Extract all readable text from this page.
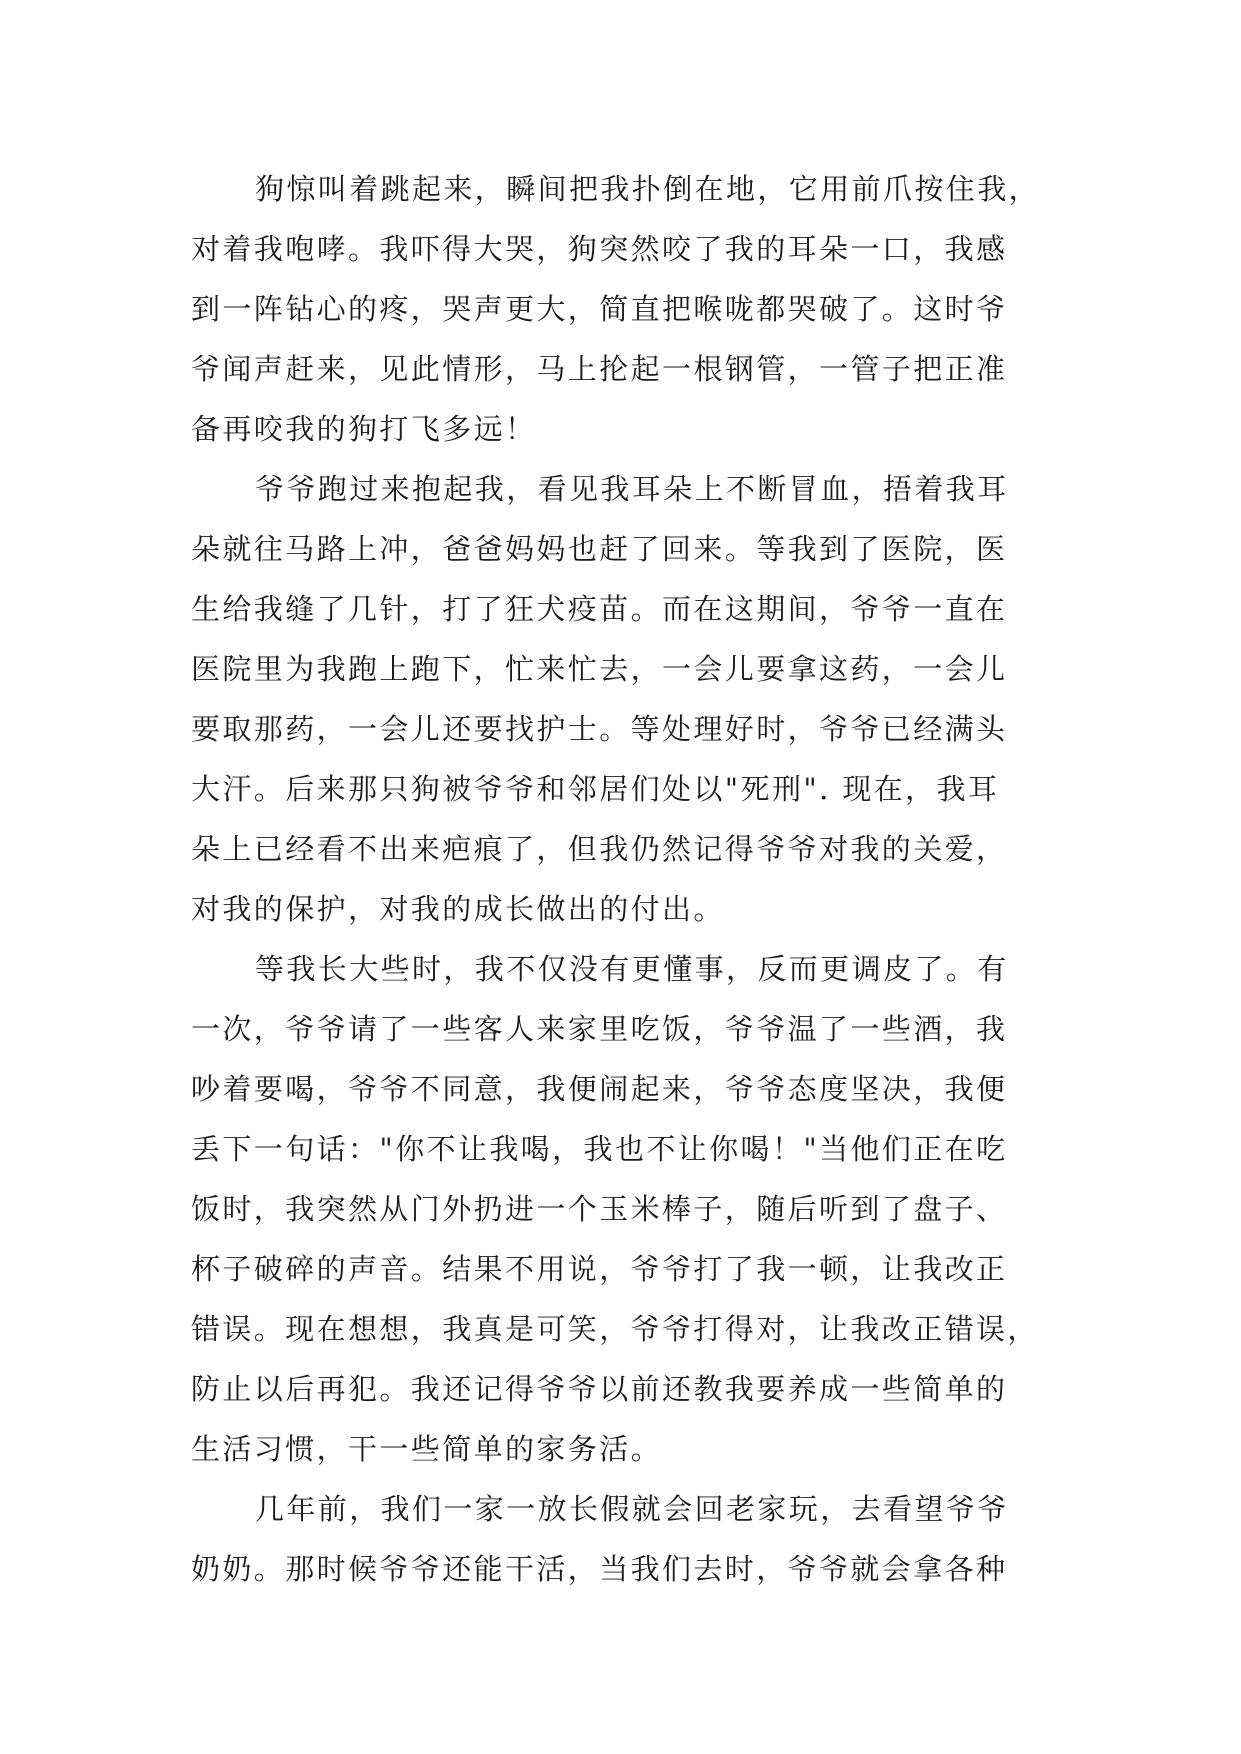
狗惊叫着跳起来，瞬间把我扑倒在地，它用前爪按住我，
对着我咆哮。我吓得大哭，狗突然咬了我的耳朵一口，我感
到一阵钻心的疼，哭声更大，简直把喉咙都哭破了。这时爷
爷闻声赶来，见此情形，马上抡起一根钢管，一管子把正准
备再咬我的狗打飞多远！
爷爷跑过来抱起我，看见我耳朵上不断冒血，捂着我耳
朵就往马路上冲，爸爸妈妈也赶了回来。等我到了医院，医
生给我缝了几针，打了狂犬疫苗。而在这期间，爷爷一直在
医院里为我跑上跑下，忙来忙去，一会儿要拿这药，一会儿
要取那药，一会儿还要找护士。等处理好时，爷爷已经满头
大汗。后来那只狗被爷爷和邻居们处以"死刑". 现在，我耳
朵上已经看不出来疤痕了，但我仍然记得爷爷对我的关爱，
对我的保护，对我的成长做出的付出。
等我长大些时，我不仅没有更懂事，反而更调皮了。有
一次，爷爷请了一些客人来家里吃饭，爷爷温了一些酒，我
吵着要喝，爷爷不同意，我便闹起来，爷爷态度坚决，我便
丢下一句话："你不让我喝，我也不让你喝！"当他们正在吃
饭时，我突然从门外扔进一个玉米棒子，随后听到了盘子、
杯子破碎的声音。结果不用说，爷爷打了我一顿，让我改正
错误。现在想想，我真是可笑，爷爷打得对，让我改正错误，
防止以后再犯。我还记得爷爷以前还教我要养成一些简单的
生活习惯，干一些简单的家务活。
几年前，我们一家一放长假就会回老家玩，去看望爷爷
奶奶。那时候爷爷还能干活，当我们去时，爷爷就会拿各种
